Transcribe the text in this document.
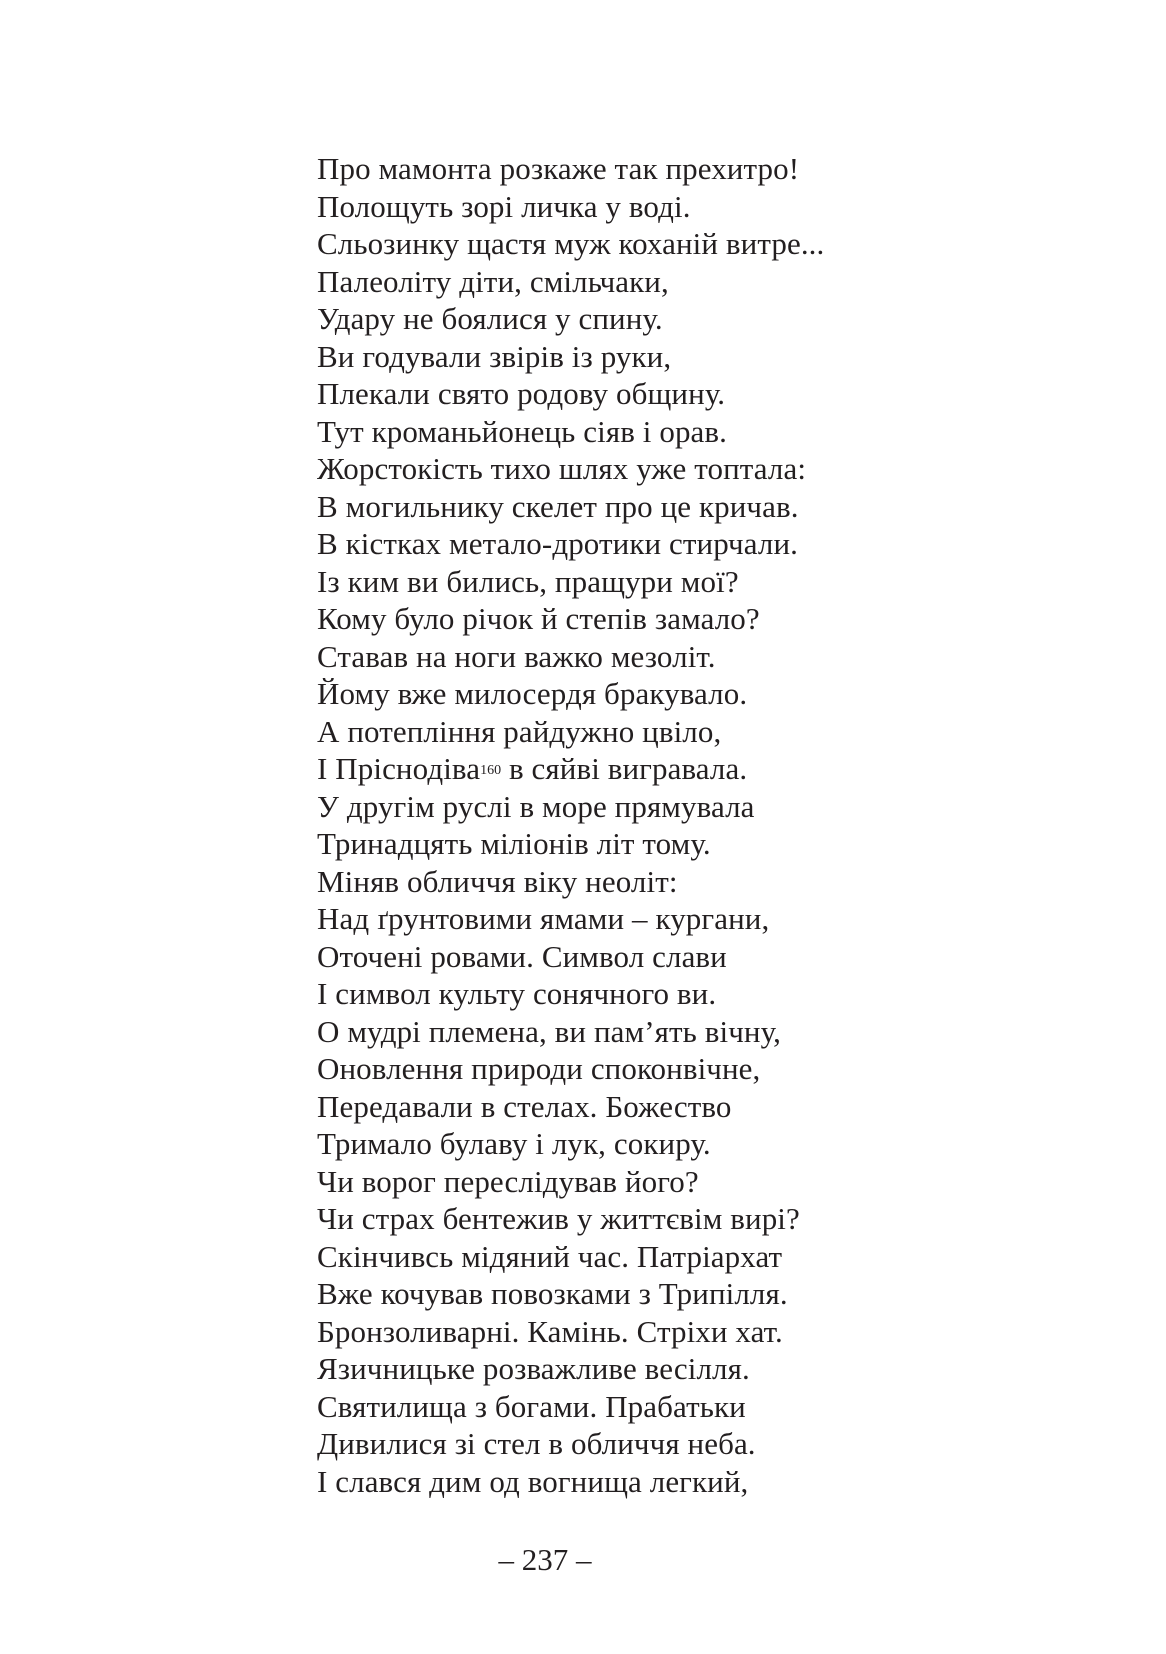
Про мамонта розкаже так прехитро!
Полощуть зорі личка у воді.
Сльозинку щастя муж коханій витре...
Палеоліту діти, смільчаки,
Удару не боялися у спину.
Ви годували звірів із руки,
Плекали свято родову общину.
Тут кроманьйонець сіяв і орав.
Жорстокість тихо шлях уже топтала:
В могильнику скелет про це кричав.
В кістках метало-дротики стирчали.
Із ким ви бились, пращури мої?
Кому було річок й степів замало?
Ставав на ноги важко мезоліт.
Йому вже милосердя бракувало.
А потепління райдужно цвіло,
І Пріснодіва$^{160}$ в сяйві вигравала.
У другім руслі в море прямувала
Тринадцять міліонів літ тому.
Міняв обличчя віку неоліт:
Над ґрунтовими ямами – кургани,
Оточені ровами. Символ слави
І символ культу сонячного ви.
О мудрі племена, ви пам’ять вічну,
Оновлення природи споконвічне,
Передавали в стелах. Божество
Тримало булаву і лук, сокиру.
Чи ворог переслідував його?
Чи страх бентежив у життєвім вирі?
Скінчивсь мідяний час. Патріархат
Вже кочував повозками з Трипілля.
Бронзоливарні. Камінь. Стріхи хат.
Язичницьке розважливе весілля.
Святилища з богами. Прабатьки
Дивилися зі стел в обличчя неба.
І слався дим од вогнища легкий,
– 237 –
